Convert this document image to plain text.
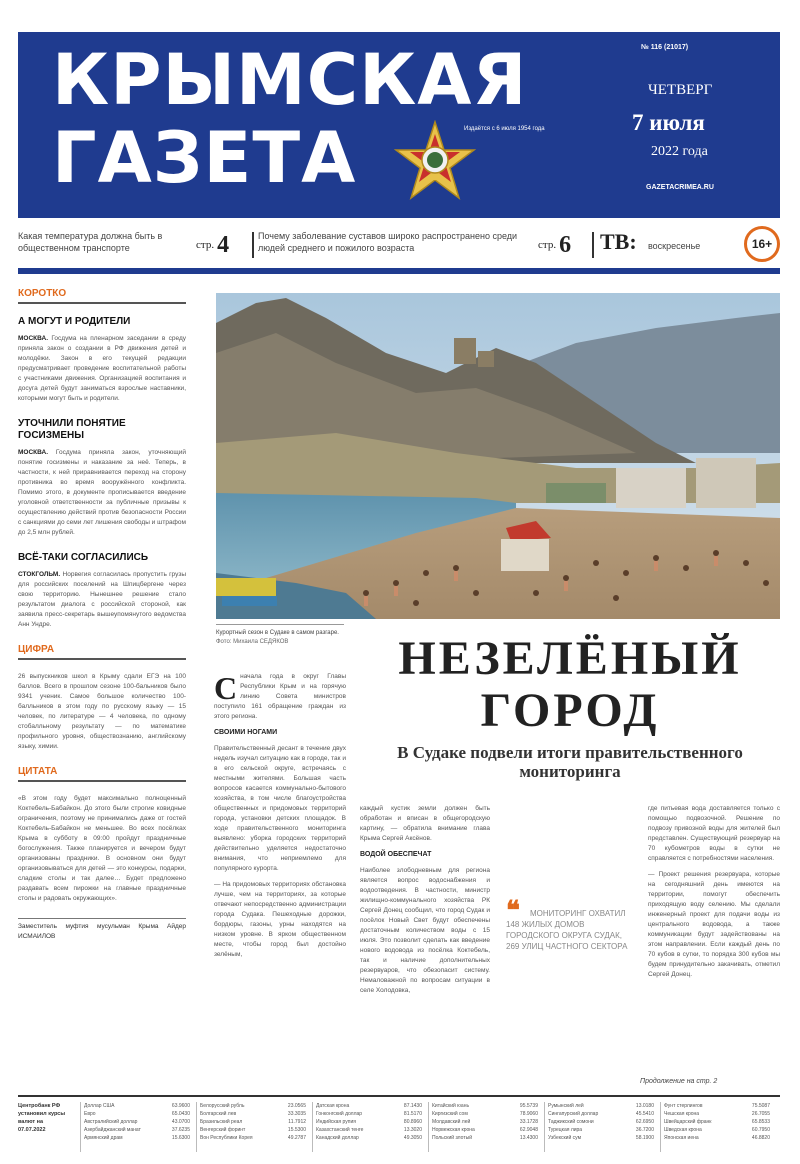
КРЫМСКАЯ
ГАЗЕТА	Издаётся с 6 июля 1954 года
№ 116 (21017)
ЧЕТВЕРГ
7 июля
2022 года
GAZETACRIMEA.RU
Какая температура должна быть в общественном транспорте	стр. 4	Почему заболевание суставов широко распространено среди людей среднего и пожилого возраста	стр. 6 ТВ: воскресенье	16+
КОРОТКО
А МОГУТ И РОДИТЕЛИ
МОСКВА. Госдума на пленарном заседании в среду приняла закон о создании в РФ движения детей и молодёжи. Закон в его текущей редакции предусматривает проведение воспитательной работы с участниками движения. Организацией воспитания и досуга детей будут заниматься взрослые наставники, которыми могут быть и родители.
УТОЧНИЛИ ПОНЯТИЕ ГОСИЗМЕНЫ
МОСКВА. Госдума приняла закон, уточняющий понятие госизмены и наказание за неё. Теперь, в частности, к ней приравнивается переход на сторону противника во время вооружённого конфликта. Помимо этого, в документе прописывается введение уголовной ответственности за публичные призывы к осуществлению действий против безопасности России с санкциями до семи лет лишения свободы и штрафом до 2,5 млн рублей.
ВСЁ-ТАКИ СОГЛАСИЛИСЬ
СТОКГОЛЬМ. Норвегия согласилась пропустить грузы для российских поселений на Шпицбергене через свою территорию. Нынешнее решение стало результатом диалога с российской стороной, как заявила пресс-секретарь вышеупомянутого ведомства Анн Ундре.
ЦИФРА
26 выпускников школ в Крыму сдали ЕГЭ на 100 баллов. Всего в прошлом сезоне 100-бальников было 9341 ученик. Самое большое количество 100-балльников в этом году по русскому языку — 15 человек, по литературе — 4 человека, по одному стобалльному результату — по математике профильного уровня, обществознанию, английскому языку, химии.
ЦИТАТА
«В этом году будет максимально полноценный Коктебель-Бабайкон. До этого были строгие ковидные ограничения, поэтому не принимались даже от гостей Коктебель-Бабайкон не меньшее. Во всех посёлках Крыма в субботу в 09:00 пройдут праздничные богослужения. Также планируется и вечером будут организованы праздники. В основном они будут организовываться для детей — это конкурсы, подарки, сладкие столы и так далее… Будет предложено раздавать всем пирожки на главные праздничные столы и радовать окружающих».
Заместитель муфтия мусульман Крыма Айдер ИСМАИЛОВ
Курортный сезон в Судаке в самом разгаре.
Фото: Михаила СЕДЯКОВ	НЕЗЕЛЁНЫЙ
ГОРОД
В Судаке подвели итоги правительственного мониторинга
С начала года в округ Главы Республики Крым и на горячую линию Совета министров поступило 161 обращение граждан из этого региона.
СВОИМИ НОГАМИ
Правительственный десант в течение двух недель изучал ситуацию как в городе, так и в его сельской округе, встречаясь с местными жителями. Большая часть вопросов касается коммунально-бытового хозяйства, в том числе благоустройства общественных и придомовых территорий города, установки детских площадок. В ходе правительственного мониторинга выявлено: уборка городских территорий действительно уделяется недостаточно внимания, что неприемлемо для популярного курорта.
— На придомовых территориях обстановка лучше, чем на территориях, за которые отвечают непосредственно администрации города Судака. Пешеходные дорожки, бордюры, газоны, урны находятся на низком уровне. В ярком общественном месте, чтобы город был достойно зелёным,
каждый кустик земли должен быть обработан и вписан в общегородскую картину, — обратила внимание глава Крыма Сергей Аксёнов.
ВОДОЙ ОБЕСПЕЧАТ
Наиболее злободневным для региона является вопрос водоснабжения и водоотведения. В частности, министр жилищно-коммунального хозяйства РК Сергей Донец сообщил, что город Судак и посёлок Новый Свет будут обеспечены достаточным количеством воды с 15 июля. Это позволит сделать как введение нового водовода из посёлка Коктебель, так и наличие дополнительных резервуаров, что обезопасит систему. Немаловажной по вопросам ситуации в селе Холодовка,
❝	МОНИТОРИНГ ОХВАТИЛ 148 ЖИЛЫХ ДОМОВ ГОРОДСКОГО ОКРУГА СУДАК, 269 УЛИЦ ЧАСТНОГО СЕКТОРА
где питьевая вода доставляется только с помощью подвозочной. Решение по подвозу привозной воды для жителей был представлен. Существующий резервуар на 70 кубометров воды в сутки не справляется с потребностями населения.
— Проект решения резервуара, которые на сегодняшний день имеются на территории, помогут обеспечить приходящую воду селению. Мы сделали инженерный проект для подачи воды из центрального водовода, а также коммуникации будут задействованы на этом направлении. Если каждый день по 70 кубов в сутки, то порядка 300 кубов мы будем принудительно закачивать, отметил Сергей Донец.
Продолжение на стр. 2
Центробанк РФ установил курсы валют на 07.07.2022
Доллар США	63.9600
Евро	65.0430
Австралийский доллар	43.0700
Азербайджанский манат	37.6235
Армянский драм	15.6300
Белорусский рубль	23.0565
Болгарский лев	33.3035
Бразильский реал	11.7912
Венгерский форинт	15.5300
Вон Республики Корея	49.2787
Датская крона	87.1430
Гонконгский доллар	81.5170
Индийская рупия	80.8960
Казахстанский тенге	13.3020
Канадский доллар	49.3050
Китайский юань	95.5739
Киргизский сом	78.9060
Молдавский лей	33.1728
Норвежская крона	62.9048
Польский злотый	13.4300
Румынский лей	13.0180
Сингапурский доллар	45.5410
Таджикский сомони	62.6950
Турецкая лира	36.7200
Узбекский сум	58.1900
Фунт стерлингов	75.5087
Чешская крона	26.7055
Швейцарский франк	65.8533
Шведская крона	60.7950
Японская иена	46.8820
